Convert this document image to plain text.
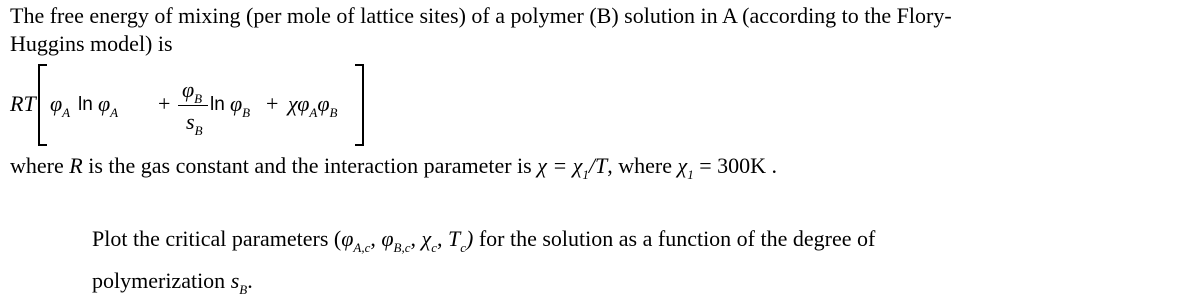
The free energy of mixing (per mole of lattice sites) of a polymer (B) solution in A (according to the Flory-
Huggins model) is
RT $\varphi_A$ $\ln \varphi_A$ +
$\varphi_B$
$s_B$
$\ln \varphi_B + \chi\varphi_A\varphi_B$
where R is the gas constant and the interaction parameter is $\chi = \chi_1/T$, where $\chi_1 = 300K$ .
Plot the critical parameters ($\varphi_{A,c}$, $\varphi_{B,c}$, $\chi_c$, $T_c$) for the solution as a function of the degree of
polymerization $s_B$.
